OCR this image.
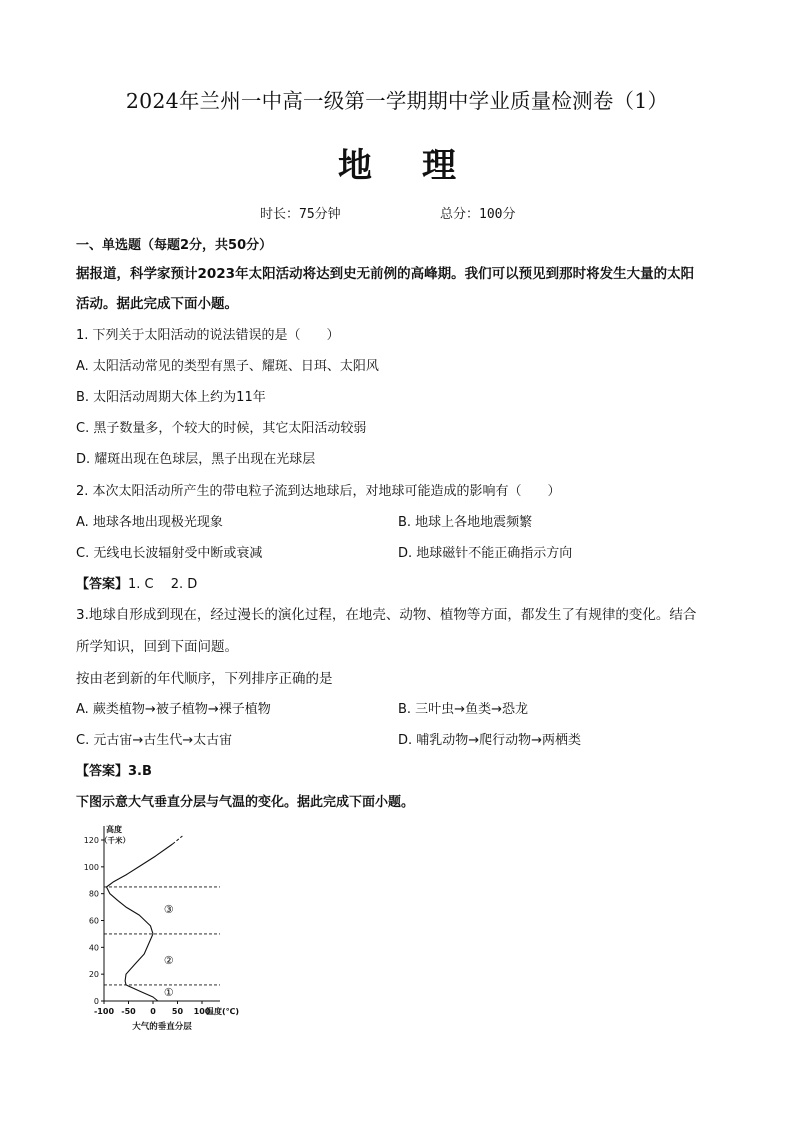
2024年兰州一中高一级第一学期期中学业质量检测卷（1）
地理
时长：75分钟	总分：100分
一、单选题（每题2分，共50分）
据报道，科学家预计2023年太阳活动将达到史无前例的高峰期。我们可以预见到那时将发生大量的太阳
活动。据此完成下面小题。
1. 下列关于太阳活动的说法错误的是（　　）
A. 太阳活动常见的类型有黑子、耀斑、日珥、太阳风
B. 太阳活动周期大体上约为11年
C. 黑子数量多，个较大的时候，其它太阳活动较弱
D. 耀斑出现在色球层，黑子出现在光球层
2. 本次太阳活动所产生的带电粒子流到达地球后，对地球可能造成的影响有（　　）
A. 地球各地出现极光现象	B. 地球上各地地震频繁
C. 无线电长波辐射受中断或衰减	D. 地球磁针不能正确指示方向
【答案】1. C　 2. D
3.地球自形成到现在，经过漫长的演化过程，在地壳、动物、植物等方面，都发生了有规律的变化。结合
所学知识，回到下面问题。
按由老到新的年代顺序，下列排序正确的是
A. 蕨类植物→被子植物→裸子植物	B. 三叶虫→鱼类→恐龙
C. 元古宙→古生代→太古宙	D. 哺乳动物→爬行动物→两栖类
【答案】3.B
下图示意大气垂直分层与气温的变化。据此完成下面小题。
0
20
40
60
80
100
120
-100 -50 0 50 100
温度(℃)
高度
（千米）
①
②
③
大气的垂直分层
